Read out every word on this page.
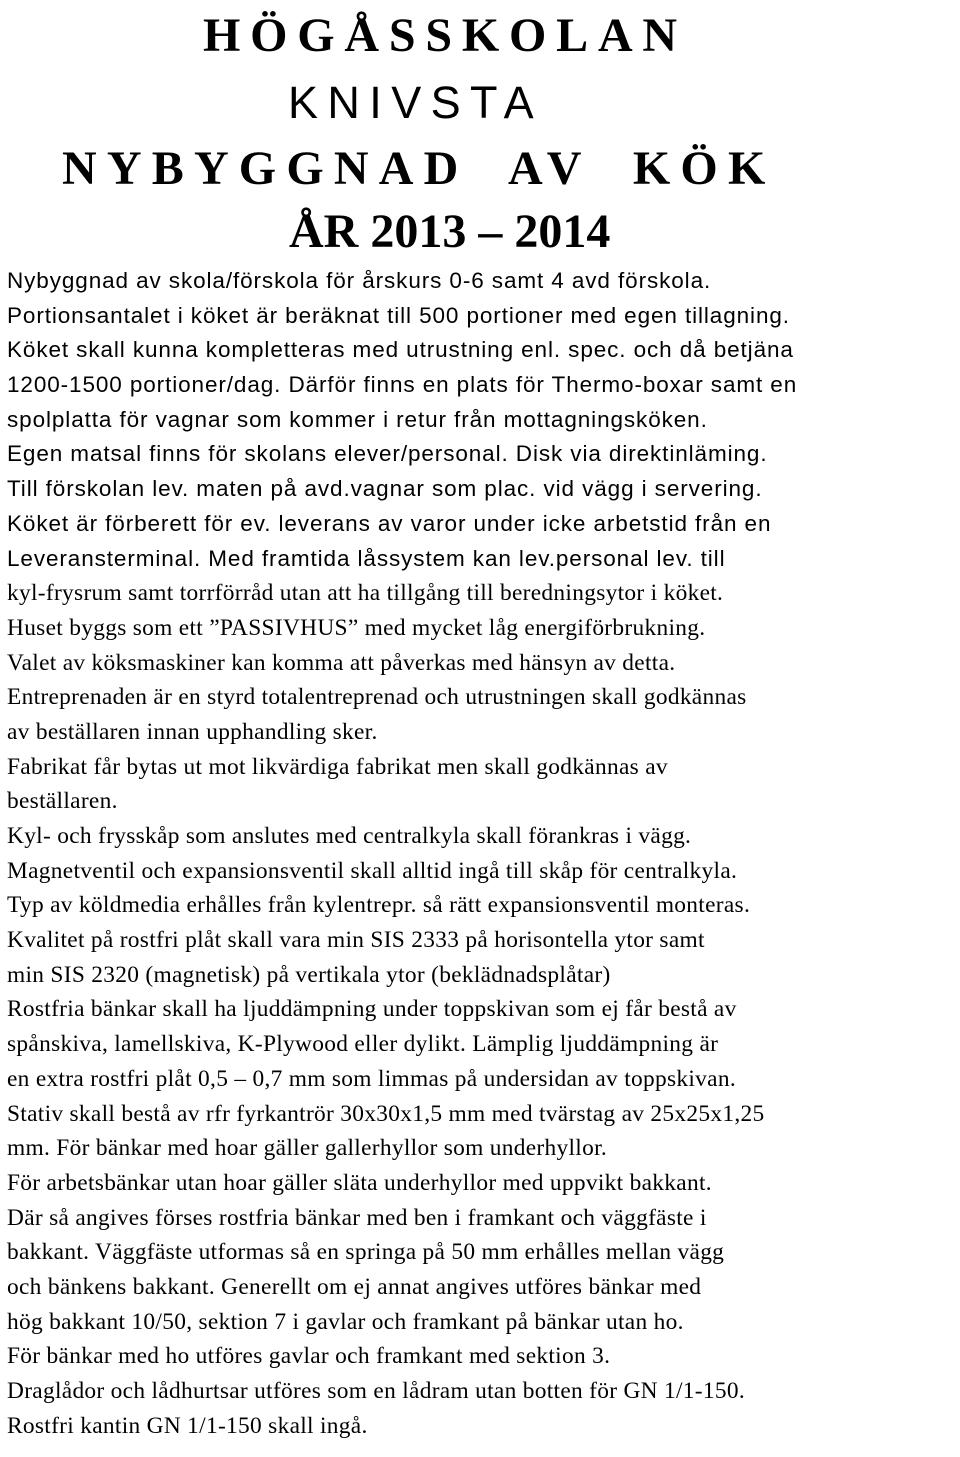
HÖGÅSSKOLAN
KNIVSTA
NYBYGGNAD AV KÖK
ÅR 2013 – 2014
Nybyggnad av skola/förskola för årskurs 0-6 samt 4 avd förskola.
Portionsantalet i köket är beräknat till 500 portioner med egen tillagning.
Köket skall kunna kompletteras med utrustning enl. spec. och då betjäna
1200-1500 portioner/dag. Därför finns en plats för Thermo-boxar samt en
spolplatta för vagnar som kommer i retur från mottagningsköken.
Egen matsal finns för skolans elever/personal. Disk via direktinläming.
Till förskolan lev. maten på avd.vagnar som plac. vid vägg i servering.
Köket är förberett för ev. leverans av varor under icke arbetstid från en
Leveransterminal. Med framtida låssystem kan lev.personal lev. till
kyl-frysrum samt torrförråd utan att ha tillgång till beredningsytor i köket.
Huset byggs som ett ”PASSIVHUS” med mycket låg energiförbrukning.
Valet av köksmaskiner kan komma att påverkas med hänsyn av detta.
Entreprenaden är en styrd totalentreprenad och utrustningen skall godkännas
av beställaren innan upphandling sker.
Fabrikat får bytas ut mot likvärdiga fabrikat men skall godkännas av
beställaren.
Kyl- och frysskåp som anslutes med centralkyla skall förankras i vägg.
Magnetventil och expansionsventil skall alltid ingå till skåp för centralkyla.
Typ av köldmedia erhålles från kylentrepr. så rätt expansionsventil monteras.
Kvalitet på rostfri plåt skall vara min SIS 2333 på horisontella ytor samt
min SIS 2320 (magnetisk) på vertikala ytor (beklädnadsplåtar)
Rostfria bänkar skall ha ljuddämpning under toppskivan som ej får bestå av
spånskiva, lamellskiva, K-Plywood eller dylikt. Lämplig ljuddämpning är
en extra rostfri plåt 0,5 – 0,7 mm som limmas på undersidan av toppskivan.
Stativ skall bestå av rfr fyrkantrör 30x30x1,5 mm med tvärstag av 25x25x1,25
mm. För bänkar med hoar gäller gallerhyllor som underhyllor.
För arbetsbänkar utan hoar gäller släta underhyllor med uppvikt bakkant.
Där så angives förses rostfria bänkar med ben i framkant och väggfäste i
bakkant. Väggfäste utformas så en springa på 50 mm erhålles mellan vägg
och bänkens bakkant. Generellt om ej annat angives utföres bänkar med
hög bakkant 10/50, sektion 7 i gavlar och framkant på bänkar utan ho.
För bänkar med ho utföres gavlar och framkant med sektion 3.
Draglådor och lådhurtsar utföres som en lådram utan botten för GN 1/1-150.
Rostfri kantin GN 1/1-150 skall ingå.
